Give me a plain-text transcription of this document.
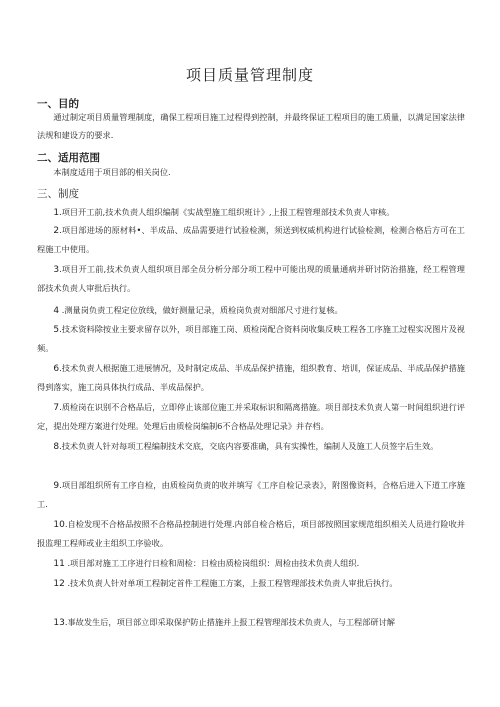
项目质量管理制度
一、目的
通过制定项目质量管理制度，确保工程项目施工过程得到控制，并最终保证工程项目的施工质量，以满足国家法律法规和建设方的要求.
二、适用范围
本制度适用于项目部的相关岗位.
三、制度
1.项目开工前,技术负责人组织编制《实战型施工组织班计》,上报工程管理部技术负责人审核。
2.项目部进场的原材料•、半成品、成品需要进行试验检测，须送到权威机构进行试验检测，检测合格后方可在工程施工中使用。
3.项目开工前,技术负责人组织项目部全员分析分部分项工程中可能出现的质量通病并研讨防治措施，经工程管理部技术负责人审批后执行。
4 .测量岗负责工程定位放线，做好测量记录，质检岗负责对细部尺寸进行复核。
5.技术资料除按业主要求留存以外，项目部施工岗、质检岗配合资料岗收集反映工程各工序施工过程实况图片及视频。
6.技术负责人根据施工进展情况，及时制定成品、半成品保护措施，组织教育、培训，保证成品、半成品保护措施得到落实，施工岗具体执行成品、半成品保护。
7.质检岗在识别不合格品后，立即停止该部位施工并采取标识和隔离措施。项目部技术负责人第一时间组织进行评定，提出处理方案进行处理。处理后由质检岗编制6不合格品处理记录》并存档。
8.技术负责人针对每项工程编制技术交底，交底内容要准确，具有实操性，编制人及施工人员签字后生效。
9.项目部组织所有工序自检，由质检岗负责的收并填写《工序自检记录表》，附图像资料，合格后进入下道工序施工.
10.自检发现不合格品按照不合格品控制进行处理.内部自检合格后，项目部按照国家规范组织相关人员进行险收并报监理工程师或业主组织工序验收。
11 .项目部对施工工序进行日检和周检：日检由质检岗组织：周检由技术负责人组织.
12 .技术负责人针对单项工程制定首件工程施工方案，上报工程管理部技术负责人审批后执行。
13.事故发生后，项目部立即采取保护防止措施并上报工程管理部技术负责人，与工程部研讨解
